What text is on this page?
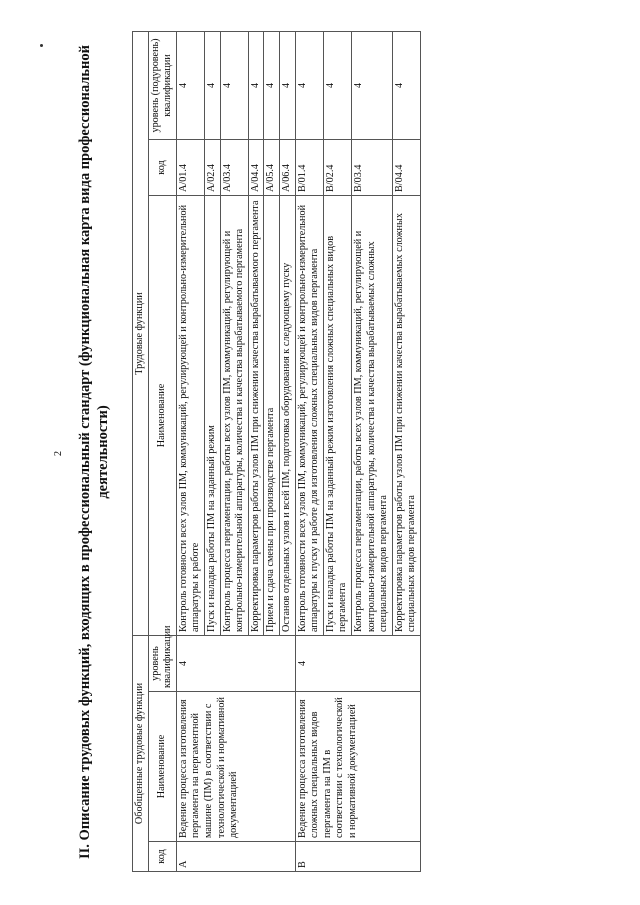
2 II. Описание трудовых функций, входящих в профессиональный стандарт (функциональная карта вида профессиональной деятельности)
Обобщенные трудовые функции			Трудовые функции		
код	Наименование	уровень квалификации	Наименование	код	уровень (подуровень) квалификации
A	Ведение процесса изготовления пергамента на пергаментной машине (ПМ) в соответствии с технологической и нормативной документацией	4	Контроль готовности всех узлов ПМ, коммуникаций, регулирующей и контрольно-измерительной аппаратуры к работе	A/01.4	4
			Пуск и наладка работы ПМ на заданный режим	A/02.4	4
			Контроль процесса пергаментации, работы всех узлов ПМ, коммуникаций, регулирующей и контрольно-измерительной аппаратуры, количества и качества вырабатываемого пергамента	A/03.4	4
			Корректировка параметров работы узлов ПМ при снижении качества вырабатываемого пергамента	A/04.4	4
			Прием и сдача смены при производстве пергамента	A/05.4	4
			Останов отдельных узлов и всей ПМ, подготовка оборудования к следующему пуску	A/06.4	4
B	Ведение процесса изготовления сложных специальных видов пергамента на ПМ в соответствии с технологической и нормативной документацией	4	Контроль готовности всех узлов ПМ, коммуникаций, регулирующей и контрольно-измерительной аппаратуры к пуску и работе для изготовления сложных специальных видов пергамента	B/01.4	4
			Пуск и наладка работы ПМ на заданный режим изготовления сложных специальных видов пергамента	B/02.4	4
			Контроль процесса пергаментации, работы всех узлов ПМ, коммуникаций, регулирующей и контрольно-измерительной аппаратуры, количества и качества вырабатываемых сложных специальных видов пергамента	B/03.4	4
			Корректировка параметров работы узлов ПМ при снижении качества вырабатываемых сложных специальных видов пергамента	B/04.4	4
